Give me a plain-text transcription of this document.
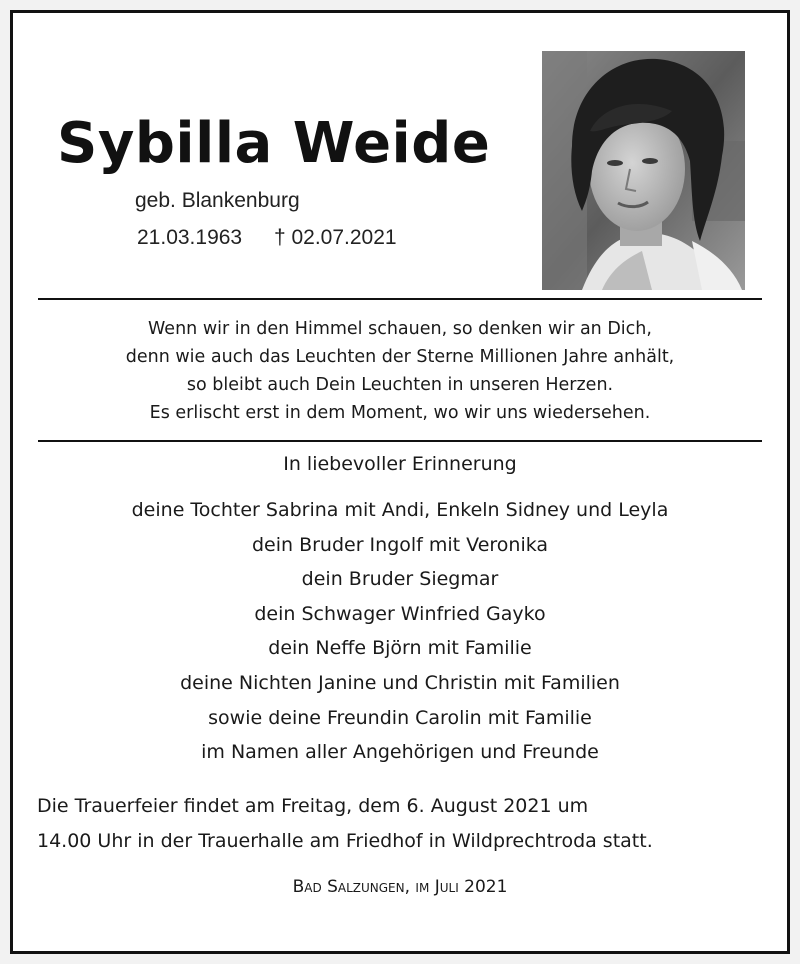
Sybilla Weide
geb. Blankenburg
21.03.1963 † 02.07.2021
Wenn wir in den Himmel schauen, so denken wir an Dich,
denn wie auch das Leuchten der Sterne Millionen Jahre anhält,
so bleibt auch Dein Leuchten in unseren Herzen.
Es erlischt erst in dem Moment, wo wir uns wiedersehen.
In liebevoller Erinnerung
deine Tochter Sabrina mit Andi, Enkeln Sidney und Leyla
dein Bruder Ingolf mit Veronika
dein Bruder Siegmar
dein Schwager Winfried Gayko
dein Neffe Björn mit Familie
deine Nichten Janine und Christin mit Familien
sowie deine Freundin Carolin mit Familie
im Namen aller Angehörigen und Freunde
Die Trauerfeier findet am Freitag, dem 6. August 2021 um
14.00 Uhr in der Trauerhalle am Friedhof in Wildprechtroda statt.
Bad Salzungen, im Juli 2021
